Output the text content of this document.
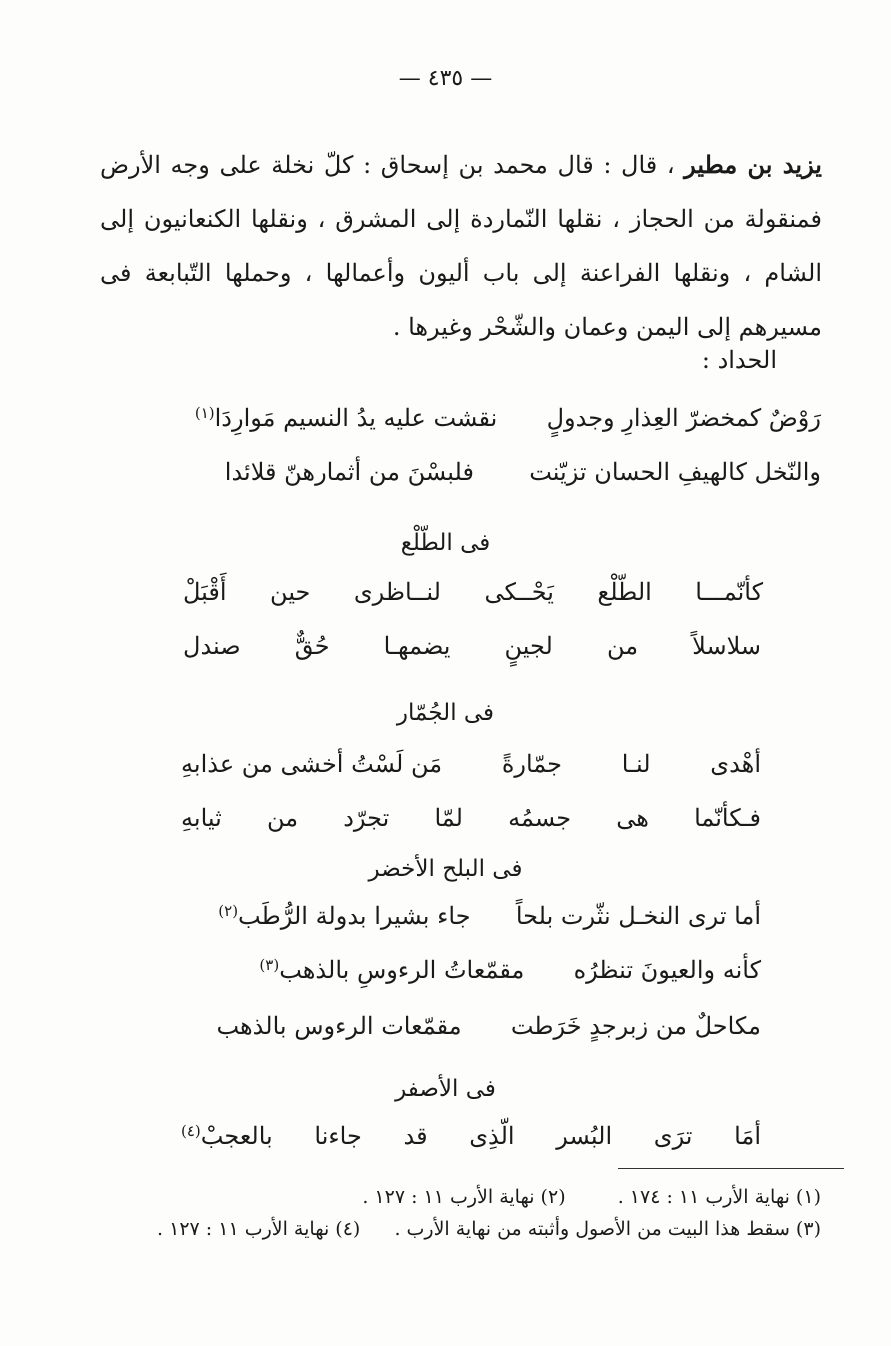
— ٤٣٥ —
يزيد بن مطير ، قال : قال محمد بن إسحاق : كلّ نخلة على وجه الأرض فمنقولة من الحجاز ، نقلها النّماردة إلى المشرق ، ونقلها الكنعانيون إلى الشام ، ونقلها الفراعنة إلى باب أليون وأعمالها ، وحملها التّبابعة فى مسيرهم إلى اليمن وعمان والشّحْر وغيرها .
الحداد :
رَوْضٌ كمخضرّ العِذارِ وجدولٍ  نقشت عليه يدُ النسيم مَوارِدَا$^{(١)}$
والنّخل كالهيفِ الحسان تزيّنت  فلبسْنَ من أثمارهنّ قلائدا
فى الطّلْع
كأنّمـــا
الطّلْع
يَحْــكى
لنــاظرى
حين
أَقْبَلْ
سلاسلاً
من
لجينٍ
يضمهـا
حُقٌّ
صندل
فى الجُمّار
أهْدى
لنـا
جمّارةً
مَن لَسْتُ أخشى من عذابهِ
فـكأنّما
هى
جسمُه
لمّا
تجرّد
من
ثيابهِ
فى البلح الأخضر
أما ترى النخـل نثّرت بلحاً  جاء بشيرا بدولة الرُّطَب$^{(٢)}$
كأنه والعيونَ تنظرُه  مقمّعاتُ الرءوسِ بالذهب$^{(٣)}$
مكاحلٌ من زبرجدٍ خَرَطت  مقمّعات الرءوس بالذهب
فى الأصفر
أمَا
ترَى
البُسر
الّذِى
قد
جاءنا
بالعجبْ$^{(٤)}$
(١) نهاية الأرب ١١ : ١٧٤ .  (٢) نهاية الأرب ١١ : ١٢٧ .
(٣) سقط هذا البيت من الأصول وأثبته من نهاية الأرب .  (٤) نهاية الأرب ١١ : ١٢٧ .
